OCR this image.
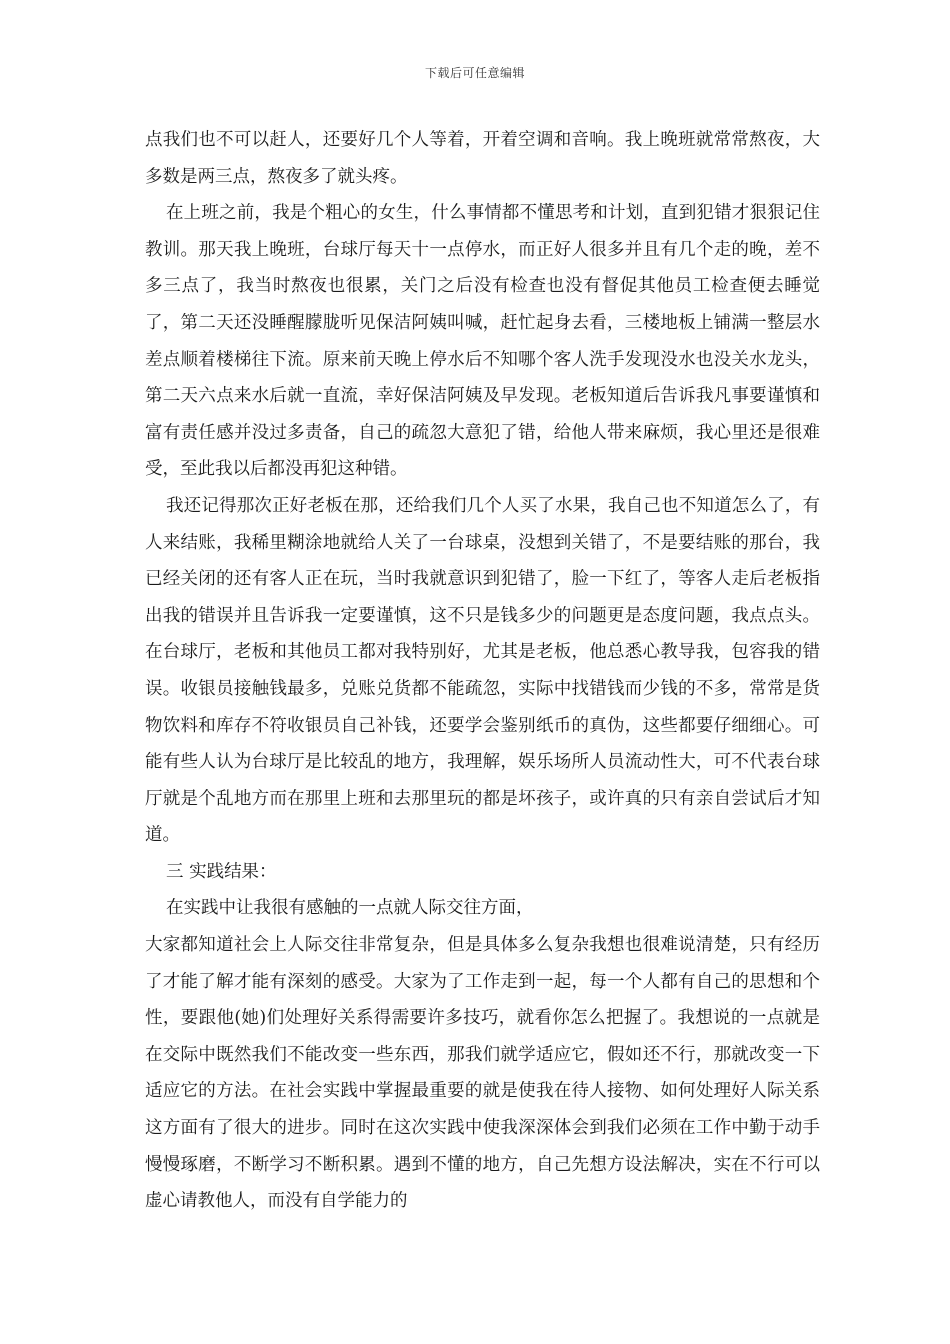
下载后可任意编辑

点我们也不可以赶人，还要好几个人等着，开着空调和音响。我上晚班就常常熬夜，大多数是两三点，熬夜多了就头疼。

在上班之前，我是个粗心的女生，什么事情都不懂思考和计划，直到犯错才狠狠记住教训。那天我上晚班，台球厅每天十一点停水，而正好人很多并且有几个走的晚，差不多三点了，我当时熬夜也很累，关门之后没有检查也没有督促其他员工检查便去睡觉了，第二天还没睡醒朦胧听见保洁阿姨叫喊，赶忙起身去看，三楼地板上铺满一整层水差点顺着楼梯往下流。原来前天晚上停水后不知哪个客人洗手发现没水也没关水龙头，第二天六点来水后就一直流，幸好保洁阿姨及早发现。老板知道后告诉我凡事要谨慎和富有责任感并没过多责备，自己的疏忽大意犯了错，给他人带来麻烦，我心里还是很难受，至此我以后都没再犯这种错。

我还记得那次正好老板在那，还给我们几个人买了水果，我自己也不知道怎么了，有人来结账，我稀里糊涂地就给人关了一台球桌，没想到关错了，不是要结账的那台，我已经关闭的还有客人正在玩，当时我就意识到犯错了，脸一下红了，等客人走后老板指出我的错误并且告诉我一定要谨慎，这不只是钱多少的问题更是态度问题，我点点头。在台球厅，老板和其他员工都对我特别好，尤其是老板，他总悉心教导我，包容我的错误。收银员接触钱最多，兑账兑货都不能疏忽，实际中找错钱而少钱的不多，常常是货物饮料和库存不符收银员自己补钱，还要学会鉴别纸币的真伪，这些都要仔细细心。可能有些人认为台球厅是比较乱的地方，我理解，娱乐场所人员流动性大，可不代表台球厅就是个乱地方而在那里上班和去那里玩的都是坏孩子，或许真的只有亲自尝试后才知道。

三 实践结果：

在实践中让我很有感触的一点就人际交往方面，

大家都知道社会上人际交往非常复杂，但是具体多么复杂我想也很难说清楚，只有经历了才能了解才能有深刻的感受。大家为了工作走到一起，每一个人都有自己的思想和个性，要跟他(她)们处理好关系得需要许多技巧，就看你怎么把握了。我想说的一点就是在交际中既然我们不能改变一些东西，那我们就学适应它，假如还不行，那就改变一下适应它的方法。在社会实践中掌握最重要的就是使我在待人接物、如何处理好人际关系这方面有了很大的进步。同时在这次实践中使我深深体会到我们必须在工作中勤于动手慢慢琢磨，不断学习不断积累。遇到不懂的地方，自己先想方设法解决，实在不行可以虚心请教他人，而没有自学能力的
